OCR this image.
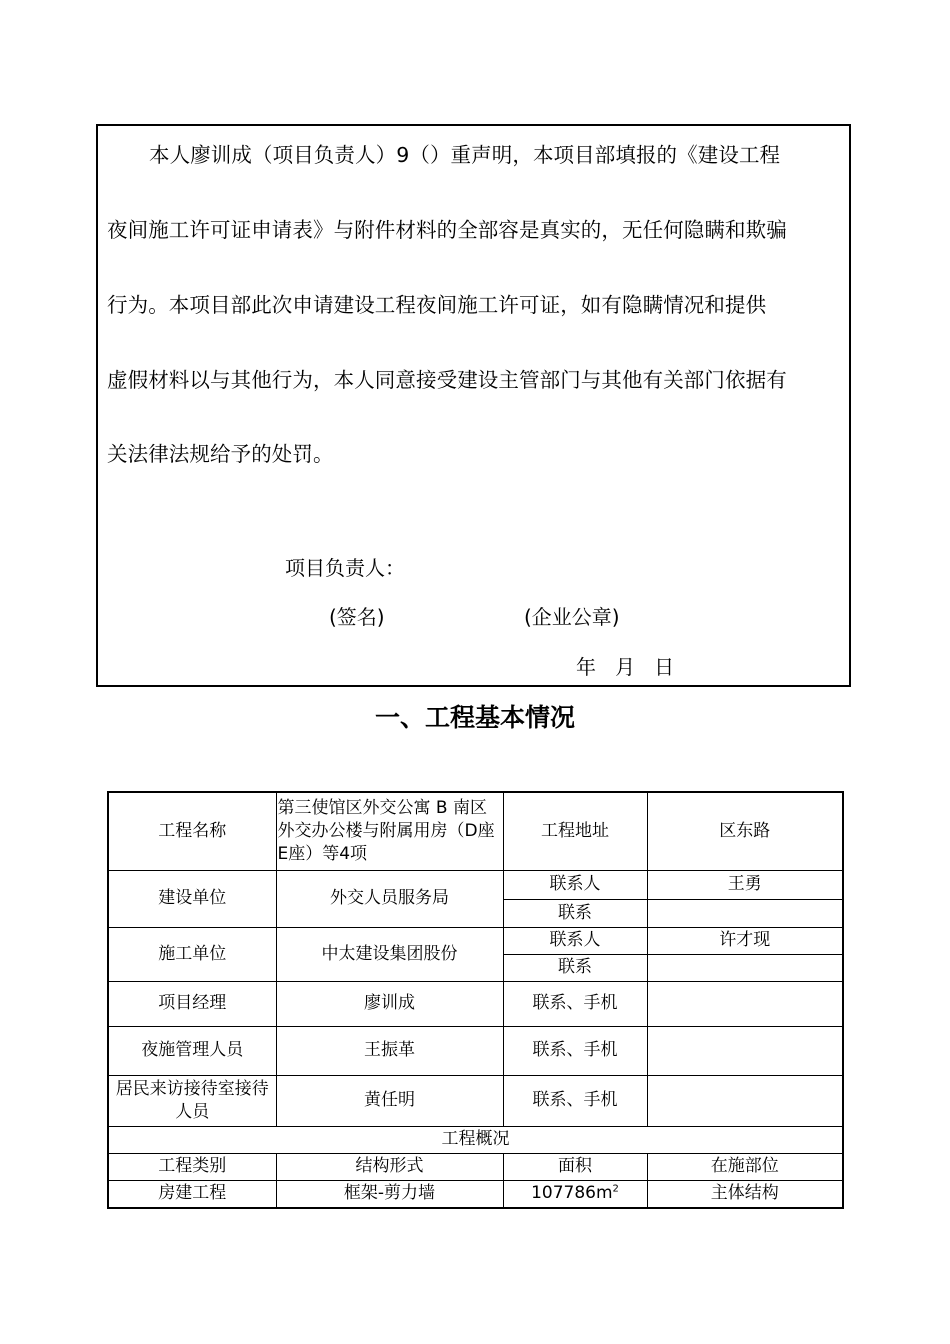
本人廖训成（项目负责人）9（）重声明，本项目部填报的《建设工程
夜间施工许可证申请表》与附件材料的全部容是真实的，无任何隐瞒和欺骗
行为。本项目部此次申请建设工程夜间施工许可证，如有隐瞒情况和提供
虚假材料以与其他行为，本人同意接受建设主管部门与其他有关部门依据有
关法律法规给予的处罚。
项目负责人：
(签名)	(企业公章)
年   月   日
一、工程基本情况
工程名称	第三使馆区外交公寓 B 南区外交办公楼与附属用房（D座E座）等4项	工程地址	区东路
建设单位	外交人员服务局	联系人	王勇
		联系	
施工单位	中太建设集团股份	联系人	许才现
		联系	
项目经理	廖训成	联系、手机	
夜施管理人员	王振革	联系、手机	
居民来访接待室接待人员	黄任明	联系、手机	
工程概况			
工程类别	结构形式	面积	在施部位
房建工程	框架-剪力墙	$107786m^2$	主体结构
